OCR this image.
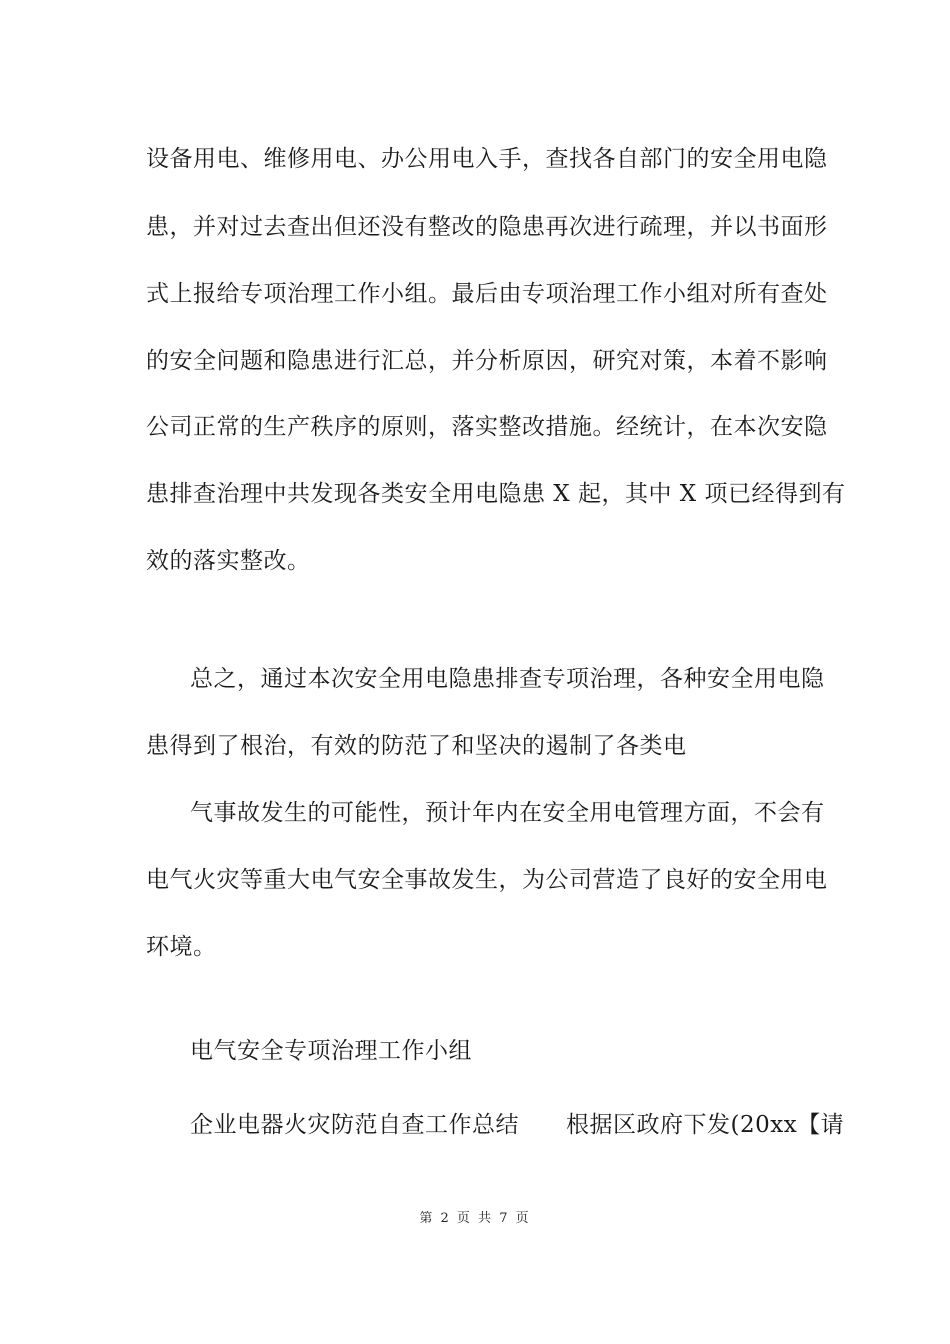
设备用电、维修用电、办公用电入手，查找各自部门的安全用电隐
患，并对过去查出但还没有整改的隐患再次进行疏理，并以书面形
式上报给专项治理工作小组。最后由专项治理工作小组对所有查处
的安全问题和隐患进行汇总，并分析原因，研究对策，本着不影响
公司正常的生产秩序的原则，落实整改措施。经统计，在本次安隐
患排查治理中共发现各类安全用电隐患 X 起，其中 X 项已经得到有
效的落实整改。
总之，通过本次安全用电隐患排查专项治理，各种安全用电隐
患得到了根治，有效的防范了和坚决的遏制了各类电
气事故发生的可能性，预计年内在安全用电管理方面，不会有
电气火灾等重大电气安全事故发生，为公司营造了良好的安全用电
环境。
电气安全专项治理工作小组
企业电器火灾防范自查工作总结　　根据区政府下发(20xx【请
第 2 页 共 7 页
